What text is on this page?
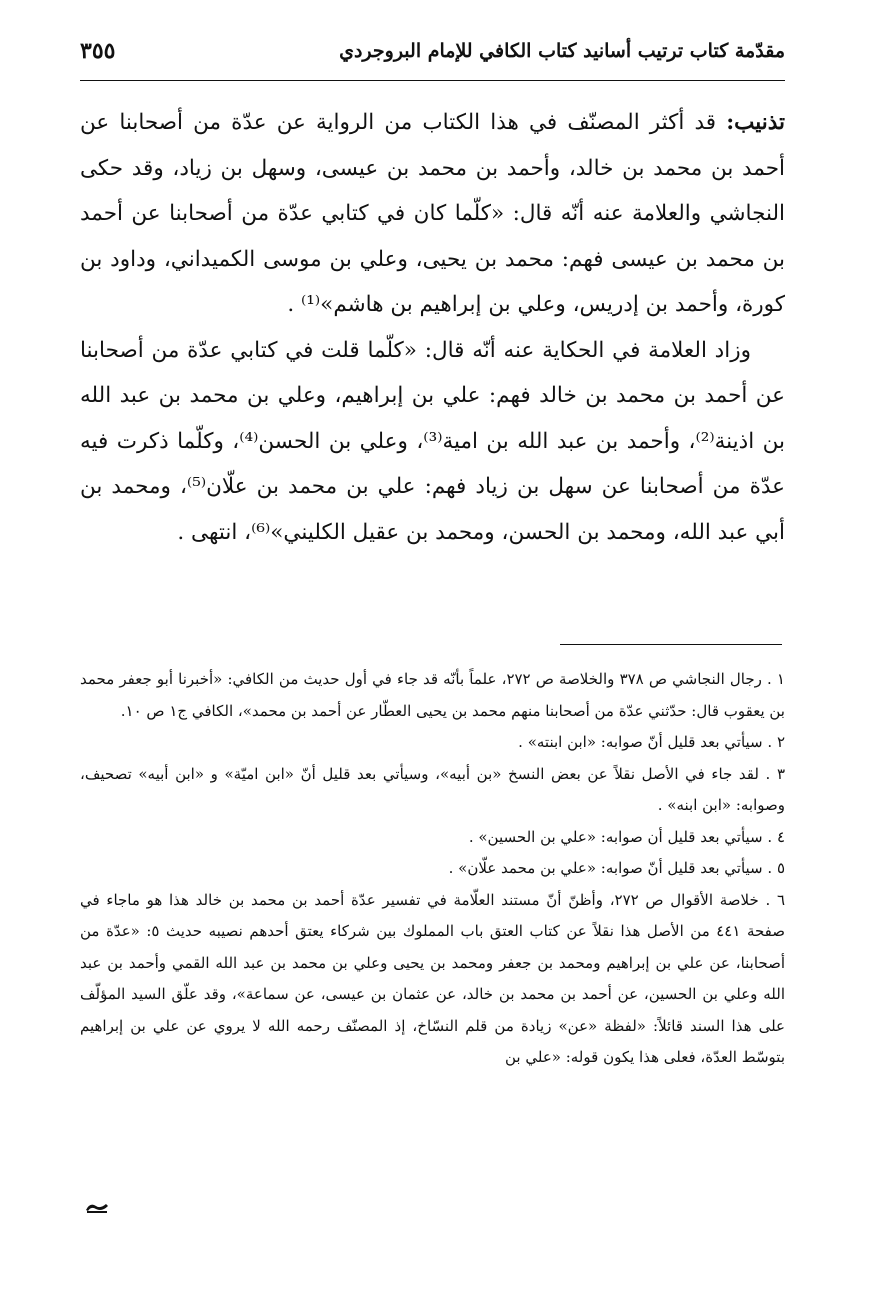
مقدّمة كتاب ترتيب أسانيد كتاب الكافي للإمام البروجردي
٣٥٥

تذنيب: قد أكثر المصنّف في هذا الكتاب من الرواية عن عدّة من أصحابنا عن أحمد بن محمد بن خالد، وأحمد بن محمد بن عيسى، وسهل بن زياد، وقد حكى النجاشي والعلامة عنه أنّه قال: «كلّما كان في كتابي عدّة من أصحابنا عن أحمد بن محمد بن عيسى فهم: محمد بن يحيى، وعلي بن موسى الكميداني، وداود بن كورة، وأحمد بن إدريس، وعلي بن إبراهيم بن هاشم»⁽¹⁾ .

وزاد العلامة في الحكاية عنه أنّه قال: «كلّما قلت في كتابي عدّة من أصحابنا عن أحمد بن محمد بن خالد فهم: علي بن إبراهيم، وعلي بن محمد بن عبد الله بن اذينة⁽²⁾، وأحمد بن عبد الله بن امية⁽³⁾، وعلي بن الحسن⁽⁴⁾، وكلّما ذكرت فيه عدّة من أصحابنا عن سهل بن زياد فهم: علي بن محمد بن علّان⁽⁵⁾، ومحمد بن أبي عبد الله، ومحمد بن الحسن، ومحمد بن عقيل الكليني»⁽⁶⁾، انتهى .

١ . رجال النجاشي ص ٣٧٨ والخلاصة ص ٢٧٢، علماً بأنّه قد جاء في أول حديث من الكافي: «أخبرنا أبو جعفر محمد بن يعقوب قال: حدّثني عدّة من أصحابنا منهم محمد بن يحيى العطّار عن أحمد بن محمد»، الكافي ج١ ص ١٠.

٢ . سيأتي بعد قليل أنّ صوابه: «ابن ابنته» .

٣ . لقد جاء في الأصل نقلاً عن بعض النسخ «بن أبيه»، وسيأتي بعد قليل أنّ «ابن اميّة» و «ابن أبيه» تصحيف، وصوابه: «ابن ابنه» .

٤ . سيأتي بعد قليل أن صوابه: «علي بن الحسين» .

٥ . سيأتي بعد قليل أنّ صوابه: «علي بن محمد علّان» .

٦ . خلاصة الأقوال ص ٢٧٢، وأظنّ أنّ مستند العلّامة في تفسير عدّة أحمد بن محمد بن خالد هذا هو ماجاء في صفحة ٤٤١ من الأصل هذا نقلاً عن كتاب العتق باب المملوك بين شركاء يعتق أحدهم نصيبه حديث ٥: «عدّة من أصحابنا، عن علي بن إبراهيم ومحمد بن جعفر ومحمد بن يحيى وعلي بن محمد بن عبد الله القمي وأحمد بن عبد الله وعلي بن الحسين، عن أحمد بن محمد بن خالد، عن عثمان بن عيسى، عن سماعة»، وقد علّق السيد المؤلّف على هذا السند قائلاً: «لفظة «عن» زيادة من قلم النسّاخ، إذ المصنّف رحمه الله لا يروي عن علي بن إبراهيم بتوسّط العدّة، فعلى هذا يكون قوله: «علي بن
